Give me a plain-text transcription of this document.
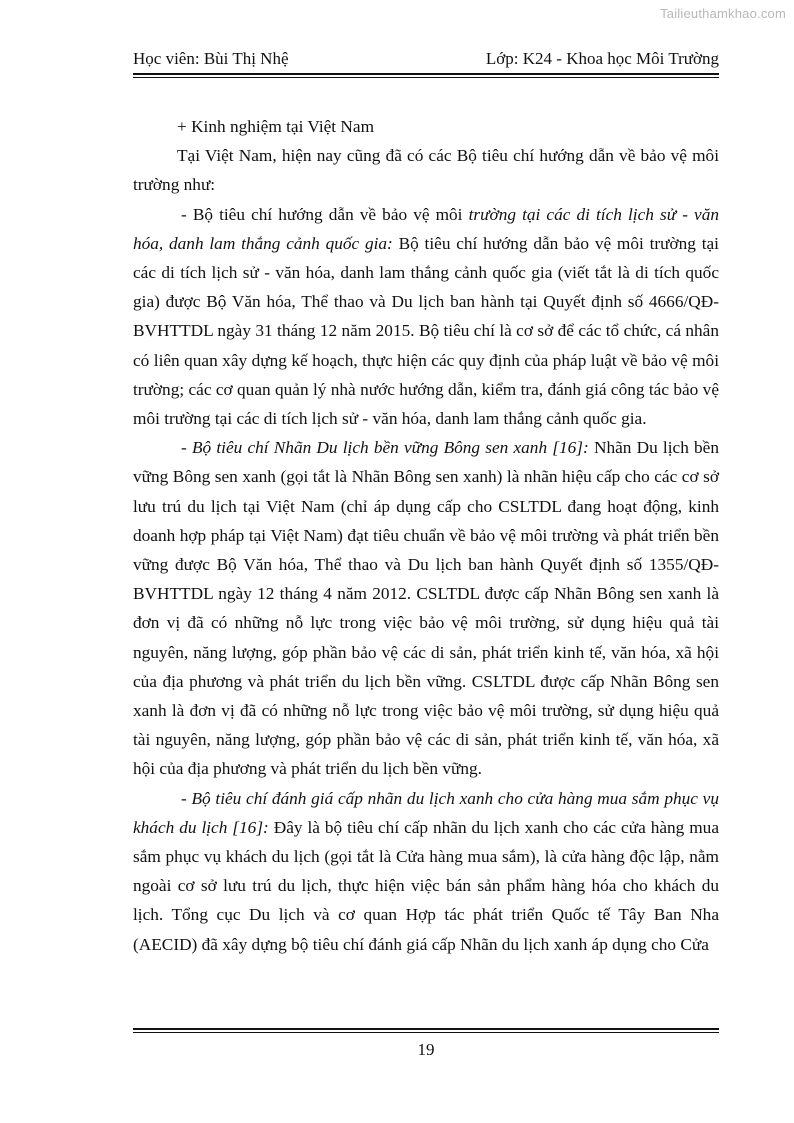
Tailieuthamkhao.com
Học viên: Bùi Thị Nhệ	Lớp: K24 - Khoa học Môi Trường

+ Kinh nghiệm tại Việt Nam

Tại Việt Nam, hiện nay cũng đã có các Bộ tiêu chí hướng dẫn về bảo vệ môi trường như:

- Bộ tiêu chí hướng dẫn về bảo vệ môi trường tại các di tích lịch sử - văn hóa, danh lam thắng cảnh quốc gia: Bộ tiêu chí hướng dẫn bảo vệ môi trường tại các di tích lịch sử - văn hóa, danh lam thắng cảnh quốc gia (viết tắt là di tích quốc gia) được Bộ Văn hóa, Thể thao và Du lịch ban hành tại Quyết định số 4666/QĐ-BVHTTDL ngày 31 tháng 12 năm 2015. Bộ tiêu chí là cơ sở để các tổ chức, cá nhân có liên quan xây dựng kế hoạch, thực hiện các quy định của pháp luật về bảo vệ môi trường; các cơ quan quản lý nhà nước hướng dẫn, kiểm tra, đánh giá công tác bảo vệ môi trường tại các di tích lịch sử - văn hóa, danh lam thắng cảnh quốc gia.

- Bộ tiêu chí Nhãn Du lịch bền vững Bông sen xanh [16]: Nhãn Du lịch bền vững Bông sen xanh (gọi tắt là Nhãn Bông sen xanh) là nhãn hiệu cấp cho các cơ sở lưu trú du lịch tại Việt Nam (chỉ áp dụng cấp cho CSLTDL đang hoạt động, kinh doanh hợp pháp tại Việt Nam) đạt tiêu chuẩn về bảo vệ môi trường và phát triển bền vững được Bộ Văn hóa, Thể thao và Du lịch ban hành Quyết định số 1355/QĐ-BVHTTDL ngày 12 tháng 4 năm 2012. CSLTDL được cấp Nhãn Bông sen xanh là đơn vị đã có những nỗ lực trong việc bảo vệ môi trường, sử dụng hiệu quả tài nguyên, năng lượng, góp phần bảo vệ các di sản, phát triển kinh tế, văn hóa, xã hội của địa phương và phát triển du lịch bền vững. CSLTDL được cấp Nhãn Bông sen xanh là đơn vị đã có những nỗ lực trong việc bảo vệ môi trường, sử dụng hiệu quả tài nguyên, năng lượng, góp phần bảo vệ các di sản, phát triển kinh tế, văn hóa, xã hội của địa phương và phát triển du lịch bền vững.

- Bộ tiêu chí đánh giá cấp nhãn du lịch xanh cho cửa hàng mua sắm phục vụ khách du lịch [16]: Đây là bộ tiêu chí cấp nhãn du lịch xanh cho các cửa hàng mua sắm phục vụ khách du lịch (gọi tắt là Cửa hàng mua sắm), là cửa hàng độc lập, nằm ngoài cơ sở lưu trú du lịch, thực hiện việc bán sản phẩm hàng hóa cho khách du lịch. Tổng cục Du lịch và cơ quan Hợp tác phát triển Quốc tế Tây Ban Nha (AECID) đã xây dựng bộ tiêu chí đánh giá cấp Nhãn du lịch xanh áp dụng cho Cửa

19
